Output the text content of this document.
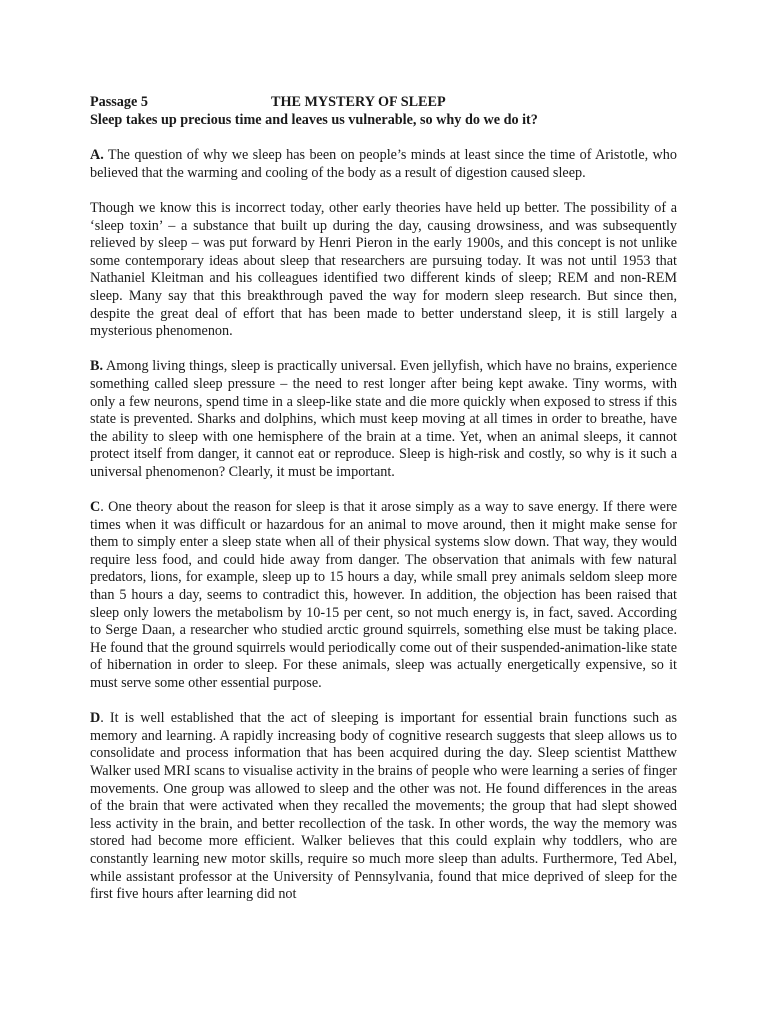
Passage 5	THE MYSTERY OF SLEEP
Sleep takes up precious time and leaves us vulnerable, so why do we do it?

A. The question of why we sleep has been on people’s minds at least since the time of Aristotle, who believed that the warming and cooling of the body as a result of digestion caused sleep.

Though we know this is incorrect today, other early theories have held up better. The possibility of a ‘sleep toxin’ – a substance that built up during the day, causing drowsiness, and was subsequently relieved by sleep – was put forward by Henri Pieron in the early 1900s, and this concept is not unlike some contemporary ideas about sleep that researchers are pursuing today. It was not until 1953 that Nathaniel Kleitman and his colleagues identified two different kinds of sleep; REM and non-REM sleep. Many say that this breakthrough paved the way for modern sleep research. But since then, despite the great deal of effort that has been made to better understand sleep, it is still largely a mysterious phenomenon.

B. Among living things, sleep is practically universal. Even jellyfish, which have no brains, experience something called sleep pressure – the need to rest longer after being kept awake. Tiny worms, with only a few neurons, spend time in a sleep-like state and die more quickly when exposed to stress if this state is prevented. Sharks and dolphins, which must keep moving at all times in order to breathe, have the ability to sleep with one hemisphere of the brain at a time. Yet, when an animal sleeps, it cannot protect itself from danger, it cannot eat or reproduce. Sleep is high-risk and costly, so why is it such a universal phenomenon? Clearly, it must be important.

C. One theory about the reason for sleep is that it arose simply as a way to save energy. If there were times when it was difficult or hazardous for an animal to move around, then it might make sense for them to simply enter a sleep state when all of their physical systems slow down. That way, they would require less food, and could hide away from danger. The observation that animals with few natural predators, lions, for example, sleep up to 15 hours a day, while small prey animals seldom sleep more than 5 hours a day, seems to contradict this, however. In addition, the objection has been raised that sleep only lowers the metabolism by 10-15 per cent, so not much energy is, in fact, saved. According to Serge Daan, a researcher who studied arctic ground squirrels, something else must be taking place. He found that the ground squirrels would periodically come out of their suspended-animation-like state of hibernation in order to sleep. For these animals, sleep was actually energetically expensive, so it must serve some other essential purpose.

D. It is well established that the act of sleeping is important for essential brain functions such as memory and learning. A rapidly increasing body of cognitive research suggests that sleep allows us to consolidate and process information that has been acquired during the day. Sleep scientist Matthew Walker used MRI scans to visualise activity in the brains of people who were learning a series of finger movements. One group was allowed to sleep and the other was not. He found differences in the areas of the brain that were activated when they recalled the movements; the group that had slept showed less activity in the brain, and better recollection of the task. In other words, the way the memory was stored had become more efficient. Walker believes that this could explain why toddlers, who are constantly learning new motor skills, require so much more sleep than adults. Furthermore, Ted Abel, while assistant professor at the University of Pennsylvania, found that mice deprived of sleep for the first five hours after learning did not
